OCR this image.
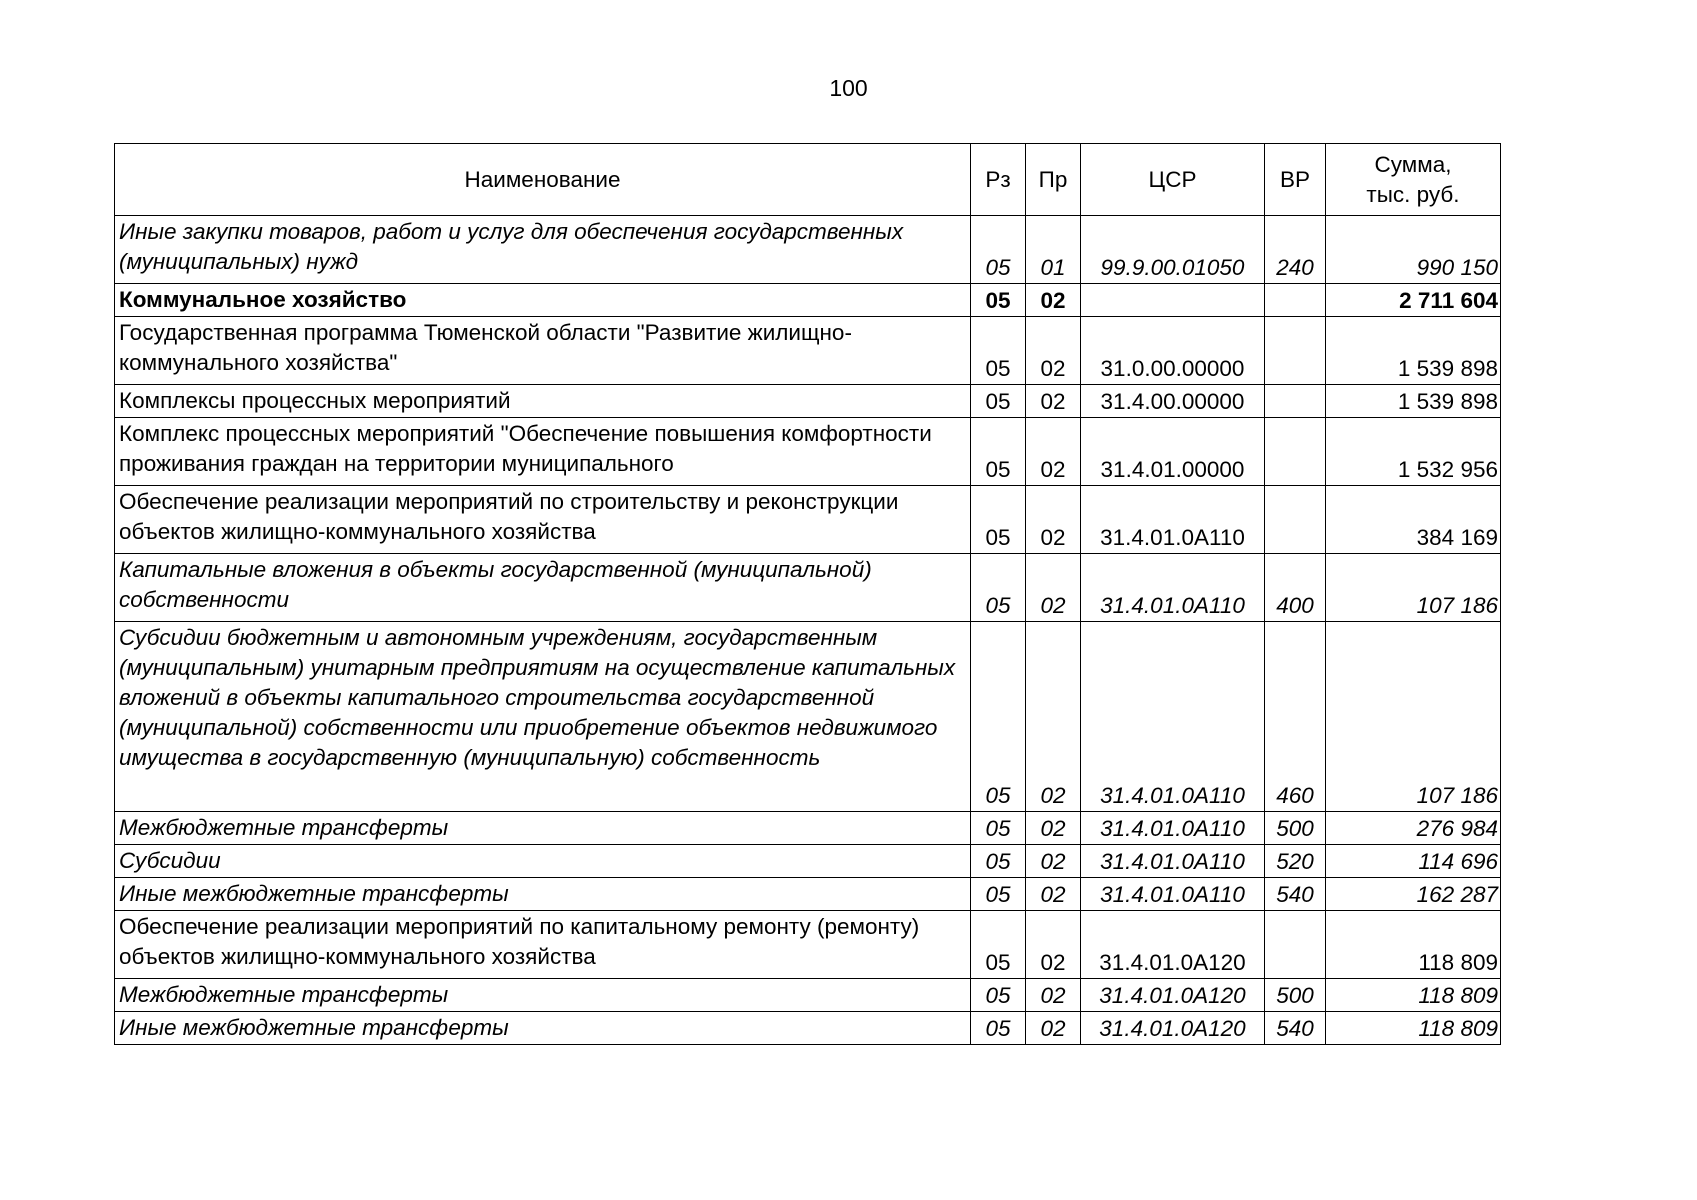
100
Наименование	Рз	Пр	ЦСР	ВР	Сумма,
тыс. руб.

Иные закупки товаров, работ и услуг для обеспечения государственных (муниципальных) нужд	05	01	99.9.00.01050	240	990 150
Коммунальное хозяйство	05	02			2 711 604
Государственная программа Тюменской области "Развитие жилищно-коммунального хозяйства"	05	02	31.0.00.00000		1 539 898
Комплексы процессных мероприятий	05	02	31.4.00.00000		1 539 898
Комплекс процессных мероприятий "Обеспечение повышения комфортности проживания граждан на территории муниципального	05	02	31.4.01.00000		1 532 956
Обеспечение реализации мероприятий по строительству и реконструкции объектов жилищно-коммунального хозяйства	05	02	31.4.01.0А110		384 169
Капитальные вложения в объекты государственной (муниципальной) собственности	05	02	31.4.01.0А110	400	107 186
Субсидии бюджетным и автономным учреждениям, государственным (муниципальным) унитарным предприятиям на осуществление капитальных вложений в объекты капитального строительства государственной (муниципальной) собственности или приобретение объектов недвижимого имущества в государственную (муниципальную) собственность	05	02	31.4.01.0А110	460	107 186
Межбюджетные трансферты	05	02	31.4.01.0А110	500	276 984
Субсидии	05	02	31.4.01.0А110	520	114 696
Иные межбюджетные трансферты	05	02	31.4.01.0А110	540	162 287
Обеспечение реализации мероприятий по капитальному ремонту (ремонту) объектов жилищно-коммунального хозяйства	05	02	31.4.01.0А120		118 809
Межбюджетные трансферты	05	02	31.4.01.0А120	500	118 809
Иные межбюджетные трансферты	05	02	31.4.01.0А120	540	118 809
